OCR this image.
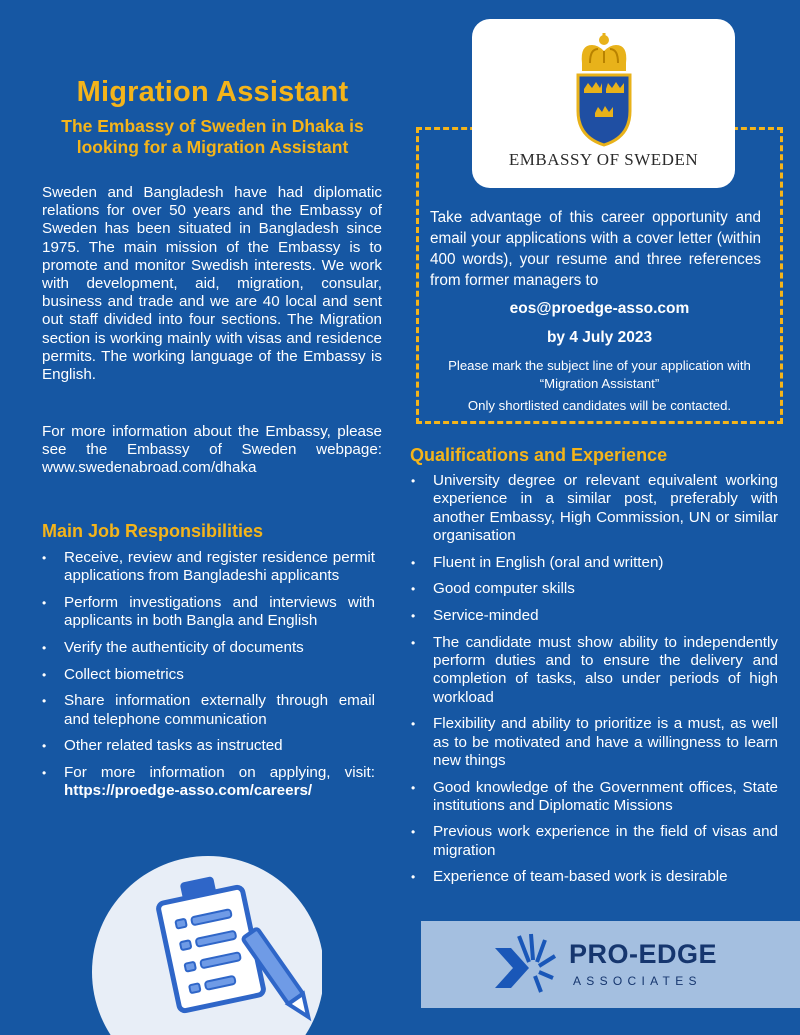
Migration Assistant
The Embassy of Sweden in Dhaka is looking for a Migration Assistant
Sweden and Bangladesh have had diplomatic relations for over 50 years and the Embassy of Sweden has been situated in Bangladesh since 1975. The main mission of the Embassy is to promote and monitor Swedish interests. We work with development, aid, migration, consular, business and trade and we are 40 local and sent out staff divided into four sections. The Migration section is working mainly with visas and residence permits. The working language of the Embassy is English.
For more information about the Embassy, please see the Embassy of Sweden webpage: www.swedenabroad.com/dhaka
Main Job Responsibilities
• Receive, review and register residence permit applications from Bangladeshi applicants
• Perform investigations and interviews with applicants in both Bangla and English
• Verify the authenticity of documents
• Collect biometrics
• Share information externally through email and telephone communication
• Other related tasks as instructed
• For more information on applying, visit: https://proedge-asso.com/careers/
EMBASSY OF SWEDEN
Take advantage of this career opportunity and email your applications with a cover letter (within 400 words), your resume and three references from former managers to
eos@proedge-asso.com
by 4 July 2023
Please mark the subject line of your application with “Migration Assistant”
Only shortlisted candidates will be contacted.
Qualifications and Experience
• University degree or relevant equivalent working experience in a similar post, preferably with another Embassy, High Commission, UN or similar organisation
• Fluent in English (oral and written)
• Good computer skills
• Service-minded
• The candidate must show ability to independently perform duties and to ensure the delivery and completion of tasks, also under periods of high workload
• Flexibility and ability to prioritize is a must, as well as to be motivated and have a willingness to learn new things
• Good knowledge of the Government offices, State institutions and Diplomatic Missions
• Previous work experience in the field of visas and migration
• Experience of team-based work is desirable
PRO-EDGE
ASSOCIATES
